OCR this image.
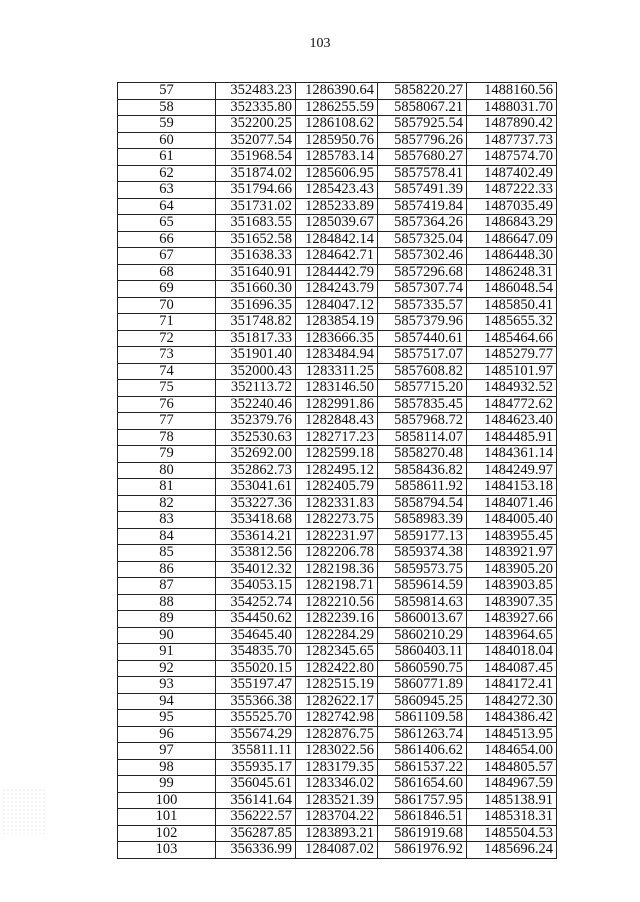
103
57	352483.23	1286390.64	5858220.27	1488160.56
58	352335.80	1286255.59	5858067.21	1488031.70
59	352200.25	1286108.62	5857925.54	1487890.42
60	352077.54	1285950.76	5857796.26	1487737.73
61	351968.54	1285783.14	5857680.27	1487574.70
62	351874.02	1285606.95	5857578.41	1487402.49
63	351794.66	1285423.43	5857491.39	1487222.33
64	351731.02	1285233.89	5857419.84	1487035.49
65	351683.55	1285039.67	5857364.26	1486843.29
66	351652.58	1284842.14	5857325.04	1486647.09
67	351638.33	1284642.71	5857302.46	1486448.30
68	351640.91	1284442.79	5857296.68	1486248.31
69	351660.30	1284243.79	5857307.74	1486048.54
70	351696.35	1284047.12	5857335.57	1485850.41
71	351748.82	1283854.19	5857379.96	1485655.32
72	351817.33	1283666.35	5857440.61	1485464.66
73	351901.40	1283484.94	5857517.07	1485279.77
74	352000.43	1283311.25	5857608.82	1485101.97
75	352113.72	1283146.50	5857715.20	1484932.52
76	352240.46	1282991.86	5857835.45	1484772.62
77	352379.76	1282848.43	5857968.72	1484623.40
78	352530.63	1282717.23	5858114.07	1484485.91
79	352692.00	1282599.18	5858270.48	1484361.14
80	352862.73	1282495.12	5858436.82	1484249.97
81	353041.61	1282405.79	5858611.92	1484153.18
82	353227.36	1282331.83	5858794.54	1484071.46
83	353418.68	1282273.75	5858983.39	1484005.40
84	353614.21	1282231.97	5859177.13	1483955.45
85	353812.56	1282206.78	5859374.38	1483921.97
86	354012.32	1282198.36	5859573.75	1483905.20
87	354053.15	1282198.71	5859614.59	1483903.85
88	354252.74	1282210.56	5859814.63	1483907.35
89	354450.62	1282239.16	5860013.67	1483927.66
90	354645.40	1282284.29	5860210.29	1483964.65
91	354835.70	1282345.65	5860403.11	1484018.04
92	355020.15	1282422.80	5860590.75	1484087.45
93	355197.47	1282515.19	5860771.89	1484172.41
94	355366.38	1282622.17	5860945.25	1484272.30
95	355525.70	1282742.98	5861109.58	1484386.42
96	355674.29	1282876.75	5861263.74	1484513.95
97	355811.11	1283022.56	5861406.62	1484654.00
98	355935.17	1283179.35	5861537.22	1484805.57
99	356045.61	1283346.02	5861654.60	1484967.59
100	356141.64	1283521.39	5861757.95	1485138.91
101	356222.57	1283704.22	5861846.51	1485318.31
102	356287.85	1283893.21	5861919.68	1485504.53
103	356336.99	1284087.02	5861976.92	1485696.24
